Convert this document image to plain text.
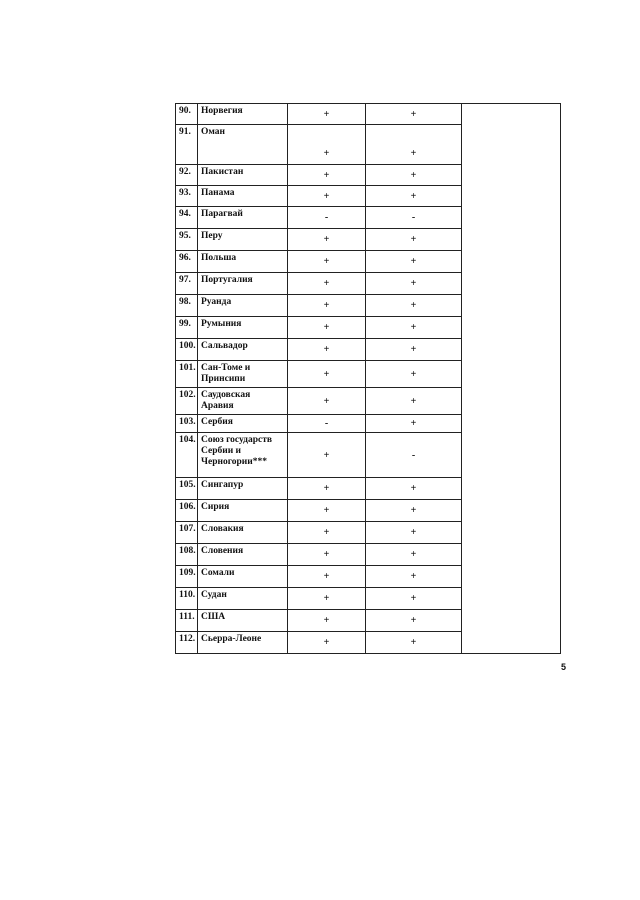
90.	Норвегия	+	+	
91.	Оман	+	+	
92.	Пакистан	+	+	
93.	Панама	+	+	
94.	Парагвай	-	-	
95.	Перу	+	+	
96.	Польша	+	+	
97.	Португалия	+	+	
98.	Руанда	+	+	
99.	Румыния	+	+	
100.	Сальвадор	+	+	
101.	Сан-Томе и Принсипи	+	+	
102.	Саудовская Аравия	+	+	
103.	Сербия	-	+	
104.	Союз государств Сербии и Черногории***	+	-	
105.	Сингапур	+	+	
106.	Сирия	+	+	
107.	Словакия	+	+	
108.	Словения	+	+	
109.	Сомали	+	+	
110.	Судан	+	+	
111.	США	+	+	
112.	Сьерра-Леоне	+	+	
5
